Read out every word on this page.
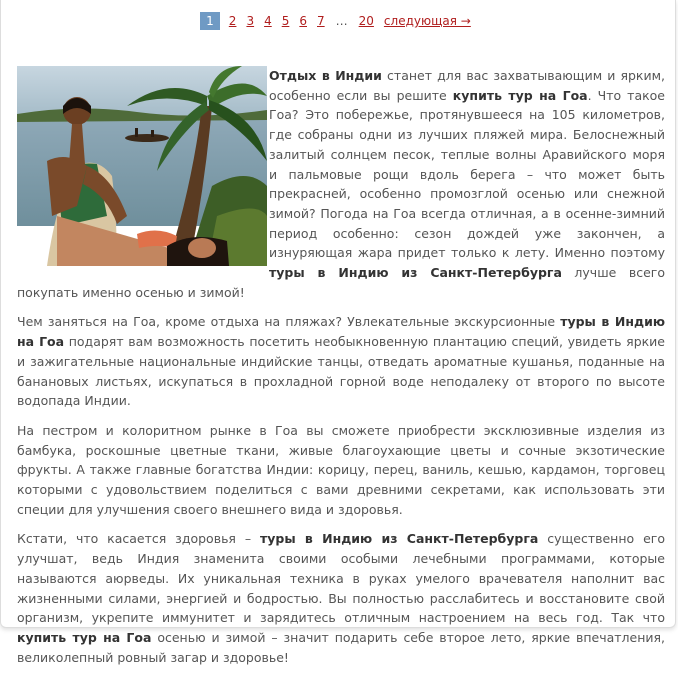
1	2 3 4 5 6 7 … 20 следующая →

Отдых в Индии станет для вас захватывающим и ярким, особенно если вы решите купить тур на Гоа. Что такое Гоа? Это побережье, протянувшееся на 105 километров, где собраны одни из лучших пляжей мира. Белоснежный залитый солнцем песок, теплые волны Аравийского моря и пальмовые рощи вдоль берега – что может быть прекрасней, особенно промозглой осенью или снежной зимой? Погода на Гоа всегда отличная, а в осенне-зимний период особенно: сезон дождей уже закончен, а изнуряющая жара придет только к лету. Именно поэтому туры в Индию из Санкт-Петербурга лучше всего покупать именно осенью и зимой!

Чем заняться на Гоа, кроме отдыха на пляжах? Увлекательные экскурсионные туры в Индию на Гоа подарят вам возможность посетить необыкновенную плантацию специй, увидеть яркие и зажигательные национальные индийские танцы, отведать ароматные кушанья, поданные на банановых листьях, искупаться в прохладной горной воде неподалеку от второго по высоте водопада Индии.

На пестром и колоритном рынке в Гоа вы сможете приобрести эксклюзивные изделия из бамбука, роскошные цветные ткани, живые благоухающие цветы и сочные экзотические фрукты. А также главные богатства Индии: корицу, перец, ваниль, кешью, кардамон, торговец которыми с удовольствием поделиться с вами древними секретами, как использовать эти специи для улучшения своего внешнего вида и здоровья.

Кстати, что касается здоровья – туры в Индию из Санкт-Петербурга существенно его улучшат, ведь Индия знаменита своими особыми лечебными программами, которые называются аюрведы. Их уникальная техника в руках умелого врачевателя наполнит вас жизненными силами, энергией и бодростью. Вы полностью расслабитесь и восстановите свой организм, укрепите иммунитет и зарядитесь отличным настроением на весь год. Так что купить тур на Гоа осенью и зимой – значит подарить себе второе лето, яркие впечатления, великолепный ровный загар и здоровье!
